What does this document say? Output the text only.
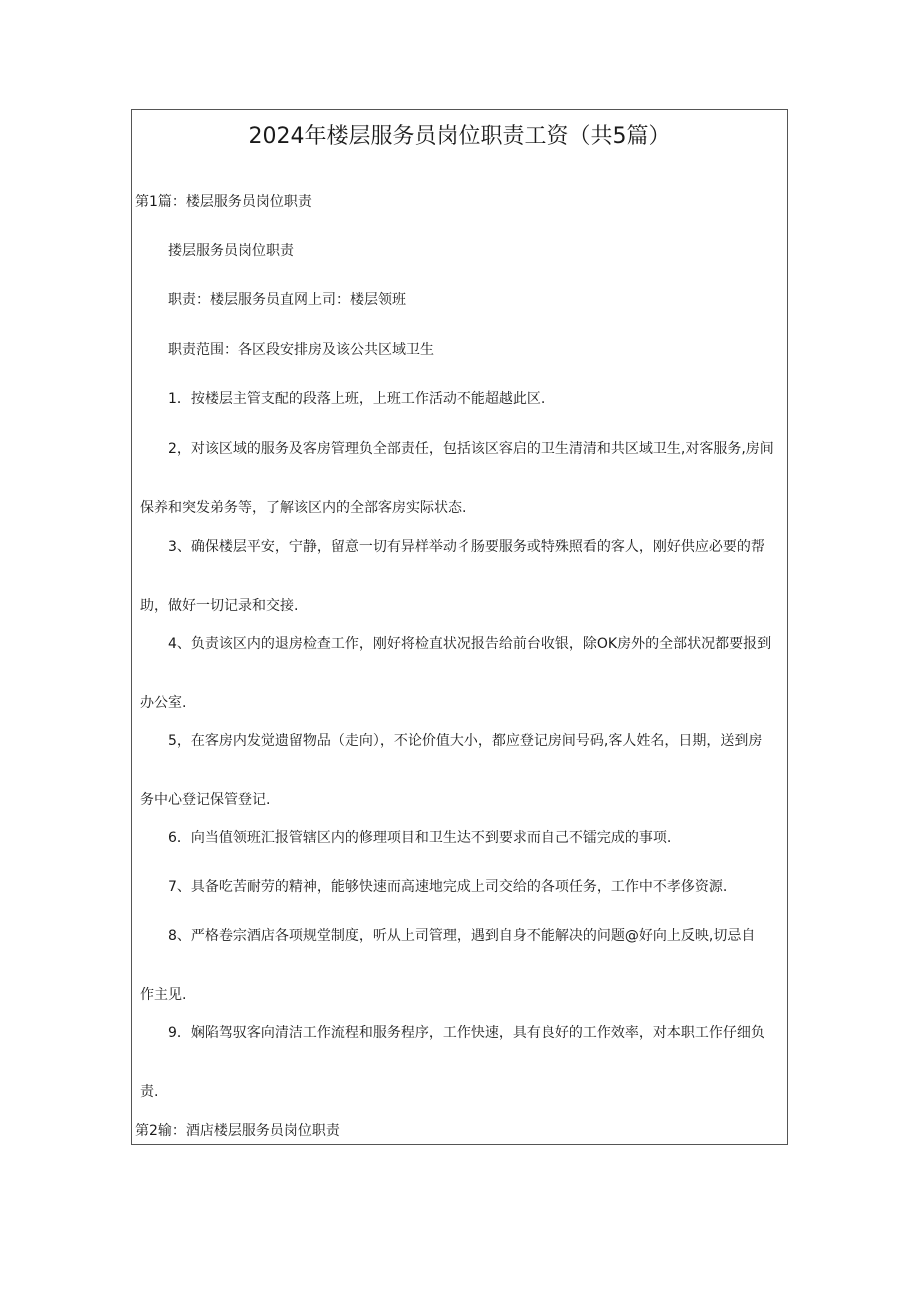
2024年楼层服务员岗位职责工资（共5篇）

第1篇：楼层服务员岗位职责

搂层服务员岗位职责

职责：楼层服务员直网上司：楼层领班

职责范围：各区段安排房及该公共区域卫生

1．按楼层主管支配的段落上班，上班工作活动不能超越此区.
2，对该区域的服务及客房管理负全部责任，包括该区容启的卫生清清和共区域卫生,对客服务,房间
保养和突发弟务等，了解该区内的全部客房实际状态.
3、确保楼层平安，宁静，留意一切有异样举动彳肠要服务或特殊照看的客人，刚好供应必要的帮
助，做好一切记录和交接.
4、负责该区内的退房检查工作，刚好将检直状况报告给前台收银，除OK房外的全部状况都要报到
办公室.
5，在客房内发觉遗留物品（走向），不论价值大小，都应登记房间号码,客人姓名，日期，送到房
务中心登记保管登记.
6．向当值领班汇报管辖区内的修理项目和卫生达不到要求而自己不镭完成的事项.
7、具备吃苦耐劳的精神，能够快速而高速地完成上司交给的各项任务，工作中不孝侈资源.
8、严格卷宗酒店各项规堂制度，听从上司管理，遇到自身不能解决的问题@好向上反映,切忌自
作主见.
9．娴陷驾驭客向清洁工作流程和服务程序，工作快速，具有良好的工作效率，对本职工作仔细负
责.

第2输：酒店楼层服务员岗位职责
